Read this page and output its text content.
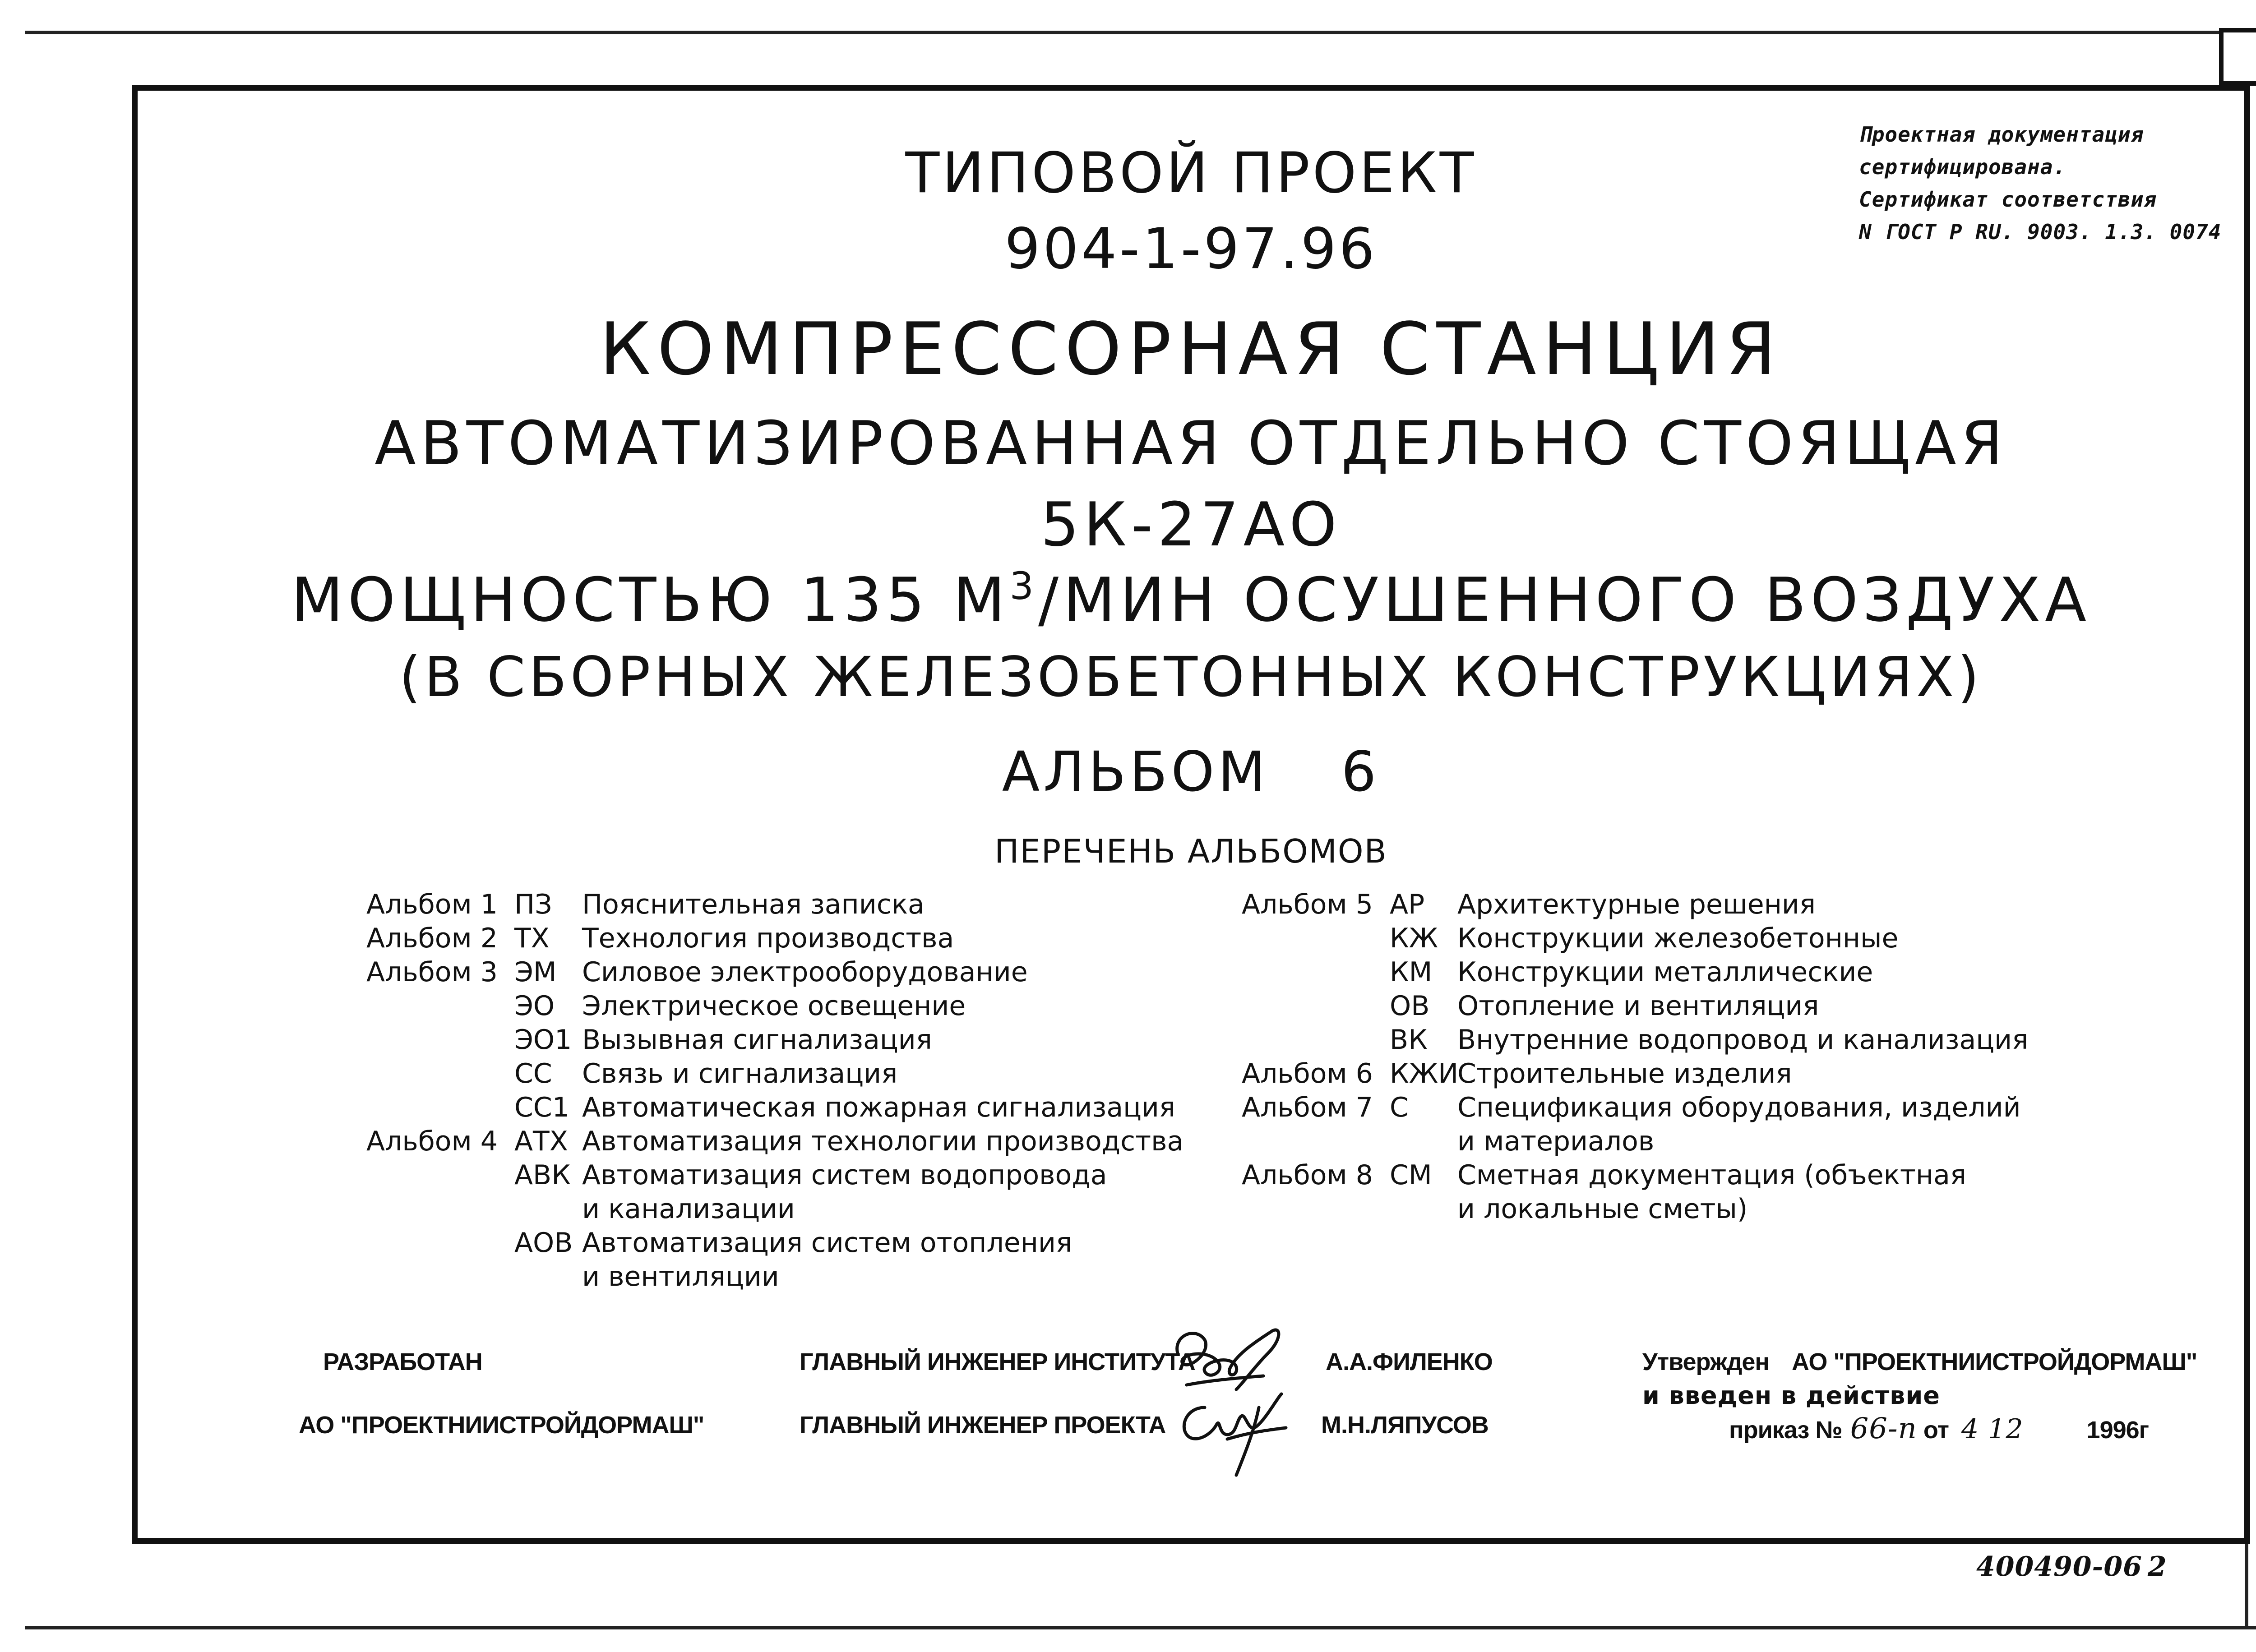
Проектная документация
сертифицирована.
Сертификат соответствия
N ГОСТ Р RU. 9003. 1.3. 0074
ТИПОВОЙ ПРОЕКТ
904-1-97.96
КОМПРЕССОРНАЯ СТАНЦИЯ
АВТОМАТИЗИРОВАННАЯ ОТДЕЛЬНО СТОЯЩАЯ
5К-27АО
МОЩНОСТЬЮ 135 $М^3$/МИН ОСУШЕННОГО ВОЗДУХА
(В СБОРНЫХ ЖЕЛЕЗОБЕТОННЫХ КОНСТРУКЦИЯХ)
АЛЬБОМ 6
ПЕРЕЧЕНЬ АЛЬБОМОВ
Альбом 1 ПЗ Пояснительная записка
Альбом 2 ТХ Технология производства
Альбом 3 ЭМ Силовое электрооборудование
ЭО Электрическое освещение
ЭО1 Вызывная сигнализация
СС Связь и сигнализация
СС1 Автоматическая пожарная сигнализация
Альбом 4 АТХ Автоматизация технологии производства
АВК Автоматизация систем водопровода
и канализации
АОВ Автоматизация систем отопления
и вентиляции
Альбом 5 АР Архитектурные решения
КЖ Конструкции железобетонные
КМ Конструкции металлические
ОВ Отопление и вентиляция
ВК Внутренние водопровод и канализация
Альбом 6 КЖИ
Строительные изделия
Альбом 7 С Спецификация оборудования, изделий
и материалов
Альбом 8 СМ Сметная документация (объектная
и локальные сметы)
РАЗРАБОТАН
АО "ПРОЕКТНИИСТРОЙДОРМАШ"
ГЛАВНЫЙ ИНЖЕНЕР ИНСТИТУТА
ГЛАВНЫЙ ИНЖЕНЕР ПРОЕКТА
А.А.ФИЛЕНКО
М.Н.ЛЯПУСОВ
Утвержден АО "ПРОЕКТНИИСТРОЙДОРМАШ"
и введен в действие
приказ № 66-п от 4 12	1996г
400490-06 2
